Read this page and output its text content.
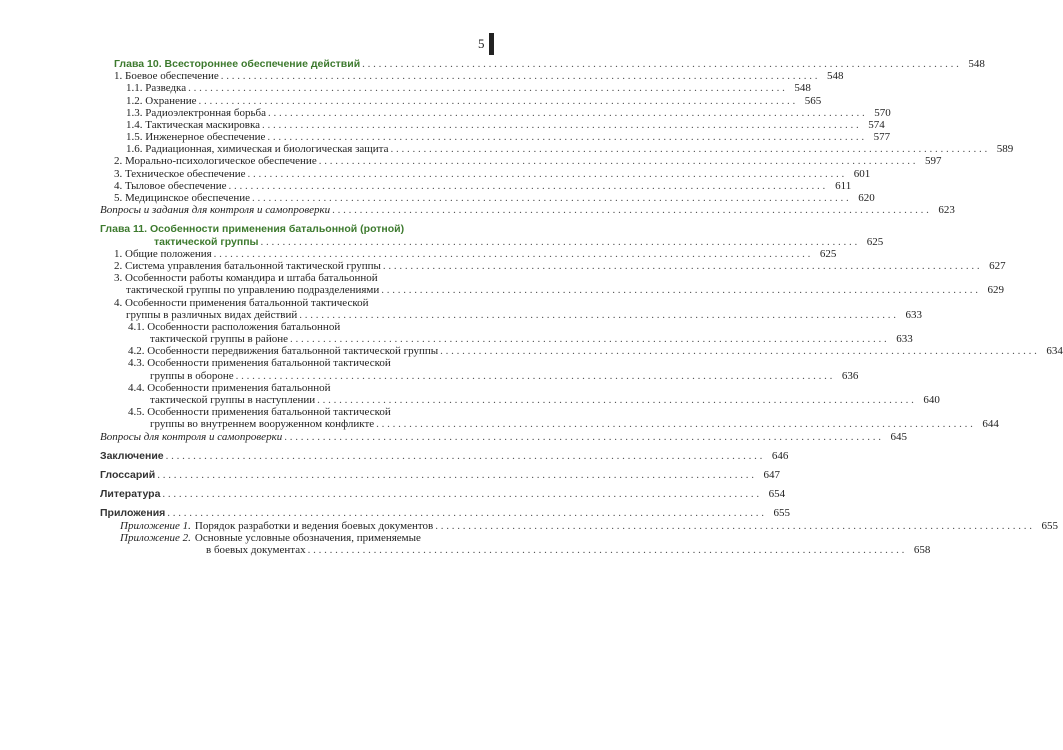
5
Глава 10. Всестороннее обеспечение действий . . .	548
1. Боевое обеспечение . . .	548
1.1. Разведка . . .	548
1.2. Охранение . . .	565
1.3. Радиоэлектронная борьба . . .	570
1.4. Тактическая маскировка . . .	574
1.5. Инженерное обеспечение . . .	577
1.6. Радиационная, химическая и биологическая защита . . .	589
2. Морально-психологическое обеспечение . . .	597
3. Техническое обеспечение . . .	601
4. Тыловое обеспечение . . .	611
5. Медицинское обеспечение . . .	620
Вопросы и задания для контроля и самопроверки . . .	623
Глава 11. Особенности применения батальонной (ротной)
тактической группы . . .	625
1. Общие положения . . .	625
2. Система управления батальонной тактической группы . . .	627
3. Особенности работы командира и штаба батальонной
тактической группы по управлению подразделениями . . .	629
4. Особенности применения батальонной тактической
группы в различных видах действий . . .	633
4.1. Особенности расположения батальонной
тактической группы в районе . . .	633
4.2. Особенности передвижения батальонной тактической группы . . .	634
4.3. Особенности применения батальонной тактической
группы в обороне . . .	636
4.4. Особенности применения батальонной
тактической группы в наступлении . . .	640
4.5. Особенности применения батальонной тактической
группы во внутреннем вооруженном конфликте . . .	644
Вопросы для контроля и самопроверки . . .	645
Заключение . . .	646
Глоссарий . . .	647
Литература . . .	654
Приложения . . .	655
Приложение 1. Порядок разработки и ведения боевых документов . . .	655
Приложение 2. Основные условные обозначения, применяемые
в боевых документах . . .	658
